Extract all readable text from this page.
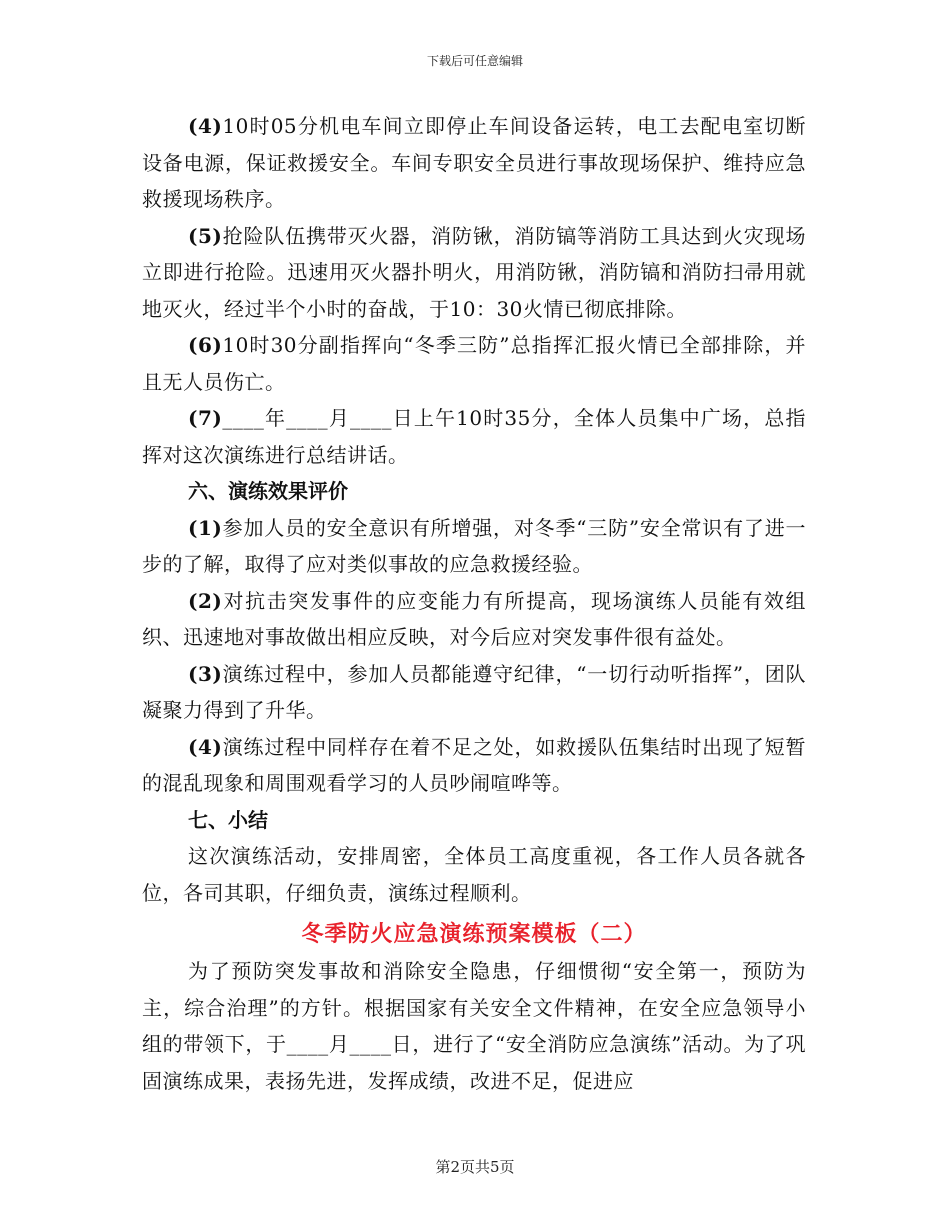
下载后可任意编辑

(4)10时05分机电车间立即停止车间设备运转，电工去配电室切断设备电源，保证救援安全。车间专职安全员进行事故现场保护、维持应急救援现场秩序。

(5)抢险队伍携带灭火器，消防锹，消防镐等消防工具达到火灾现场立即进行抢险。迅速用灭火器扑明火，用消防锹，消防镐和消防扫帚用就地灭火，经过半个小时的奋战，于10：30火情已彻底排除。

(6)10时30分副指挥向“冬季三防”总指挥汇报火情已全部排除，并且无人员伤亡。

(7)____年____月____日上午10时35分，全体人员集中广场，总指挥对这次演练进行总结讲话。

六、演练效果评价

(1)参加人员的安全意识有所增强，对冬季“三防”安全常识有了进一步的了解，取得了应对类似事故的应急救援经验。

(2)对抗击突发事件的应变能力有所提高，现场演练人员能有效组织、迅速地对事故做出相应反映，对今后应对突发事件很有益处。

(3)演练过程中，参加人员都能遵守纪律，“一切行动听指挥”，团队凝聚力得到了升华。

(4)演练过程中同样存在着不足之处，如救援队伍集结时出现了短暂的混乱现象和周围观看学习的人员吵闹喧哗等。

七、小结

这次演练活动，安排周密，全体员工高度重视，各工作人员各就各位，各司其职，仔细负责，演练过程顺利。

冬季防火应急演练预案模板（二）

为了预防突发事故和消除安全隐患，仔细惯彻“安全第一，预防为主，综合治理”的方针。根据国家有关安全文件精神，在安全应急领导小组的带领下，于____月____日，进行了“安全消防应急演练”活动。为了巩固演练成果，表扬先进，发挥成绩，改进不足，促进应

第2页共5页
